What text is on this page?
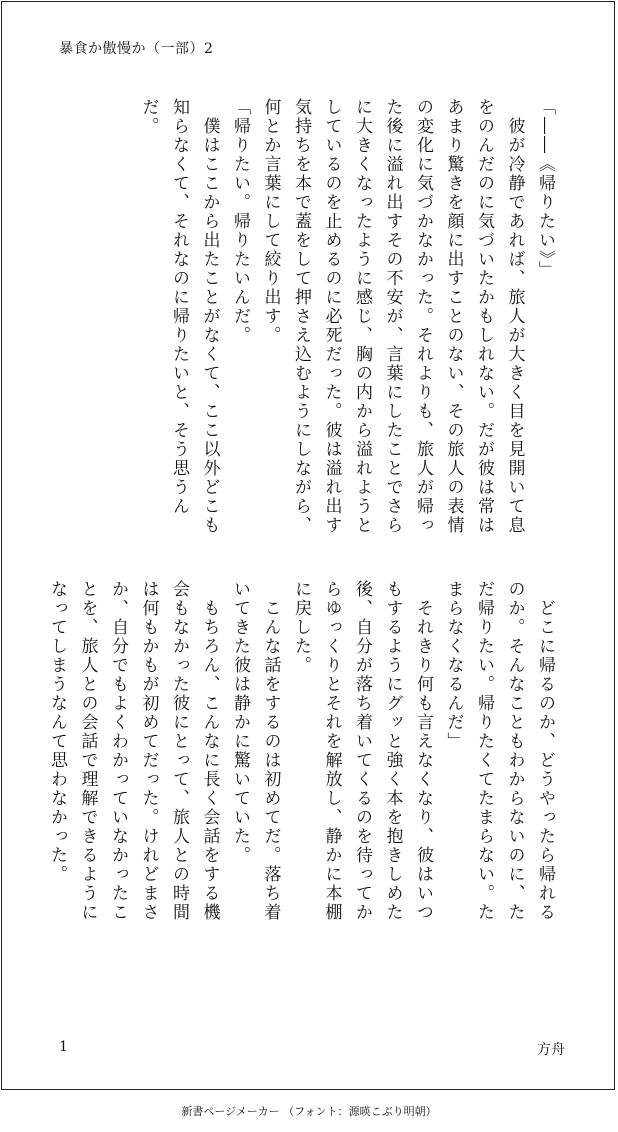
暴食か傲慢か（一部）2
「――《帰りたい》」
　彼が冷静であれば、旅人が大きく目を見開いて息をのんだのに気づいたかもしれない。だが彼は常はあまり驚きを顔に出すことのない、その旅人の表情の変化に気づかなかった。それよりも、旅人が帰った後に溢れ出すその不安が、言葉にしたことでさらに大きくなったように感じ、胸の内から溢れようとしているのを止めるのに必死だった。彼は溢れ出す気持ちを本で蓋をして押さえ込むようにしながら、何とか言葉にして絞り出す。
「帰りたい。帰りたいんだ。
　僕はここから出たことがなくて、ここ以外どこも知らなくて、それなのに帰りたいと、そう思うんだ。
　どこに帰るのか、どうやったら帰れるのか。そんなこともわからないのに、ただ帰りたい。帰りたくてたまらない。たまらなくなるんだ」
　それきり何も言えなくなり、彼はいつもするようにグッと強く本を抱きしめた後、自分が落ち着いてくるのを待ってからゆっくりとそれを解放し、静かに本棚に戻した。
　こんな話をするのは初めてだ。落ち着いてきた彼は静かに驚いていた。
　もちろん、こんなに長く会話をする機会もなかった彼にとって、旅人との時間は何もかもが初めてだった。けれどまさか、自分でもよくわかっていなかったことを、旅人との会話で理解できるようになってしまうなんて思わなかった。
1	方舟
新書ページメーカー （フォント：源暎こぶり明朝）
